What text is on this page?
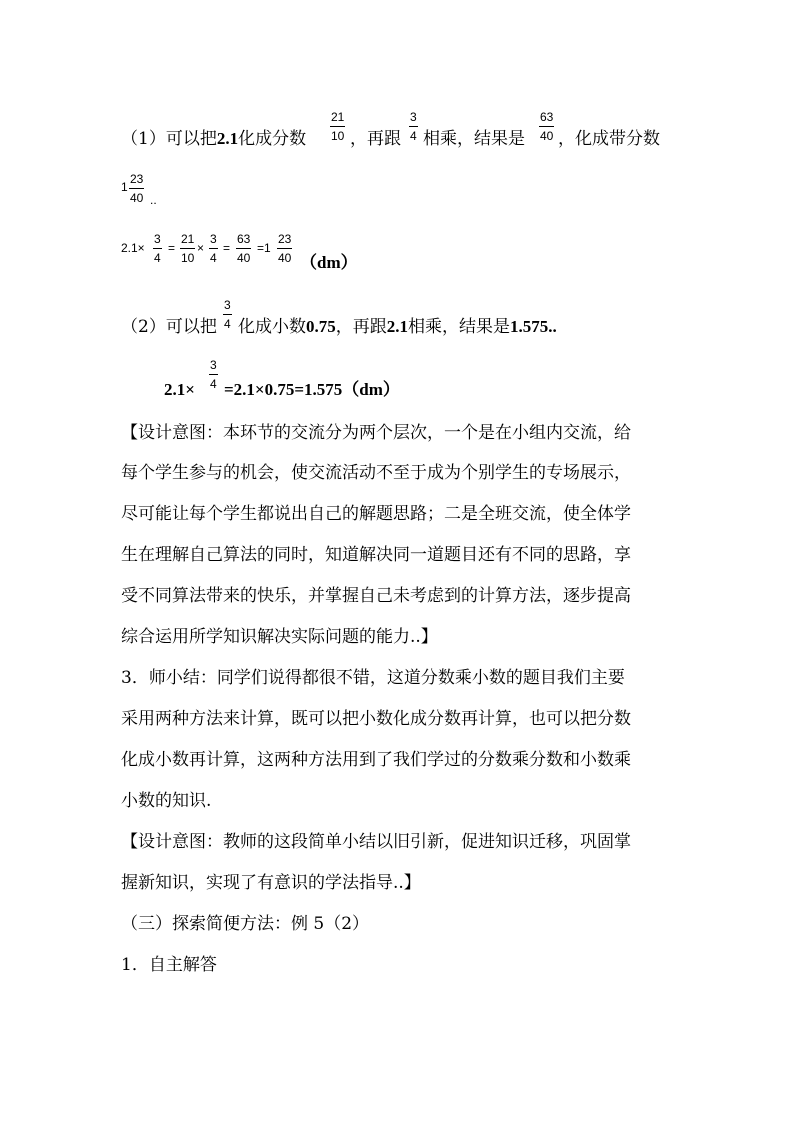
（1）可以把2.1化成分数 $\frac{21}{10}$ ，再跟 $\frac{3}{4}$ 相乘，结果是 $\frac{63}{40}$ ，化成带分数
$1 \frac{23}{40}$ ..
$2.1\times \frac{3}{4} = \frac{21}{10} \times \frac{3}{4} = \frac{63}{40} =1 \frac{23}{40} (dm)$
（2）可以把 $\frac{3}{4}$ 化成小数0.75，再跟2.1相乘，结果是1.575..
$2.1\times \frac{3}{4} =2.1\times 0.75=1.575(dm)$
【设计意图：本环节的交流分为两个层次，一个是在小组内交流，给
每个学生参与的机会，使交流活动不至于成为个别学生的专场展示，
尽可能让每个学生都说出自己的解题思路；二是全班交流，使全体学
生在理解自己算法的同时，知道解决同一道题目还有不同的思路，享
受不同算法带来的快乐，并掌握自己未考虑到的计算方法，逐步提高
综合运用所学知识解决实际问题的能力..】
3．师小结：同学们说得都很不错，这道分数乘小数的题目我们主要
采用两种方法来计算，既可以把小数化成分数再计算，也可以把分数
化成小数再计算，这两种方法用到了我们学过的分数乘分数和小数乘
小数的知识.
【设计意图：教师的这段简单小结以旧引新，促进知识迁移，巩固掌
握新知识，实现了有意识的学法指导..】
（三）探索简便方法：例 5（2）
1．自主解答
